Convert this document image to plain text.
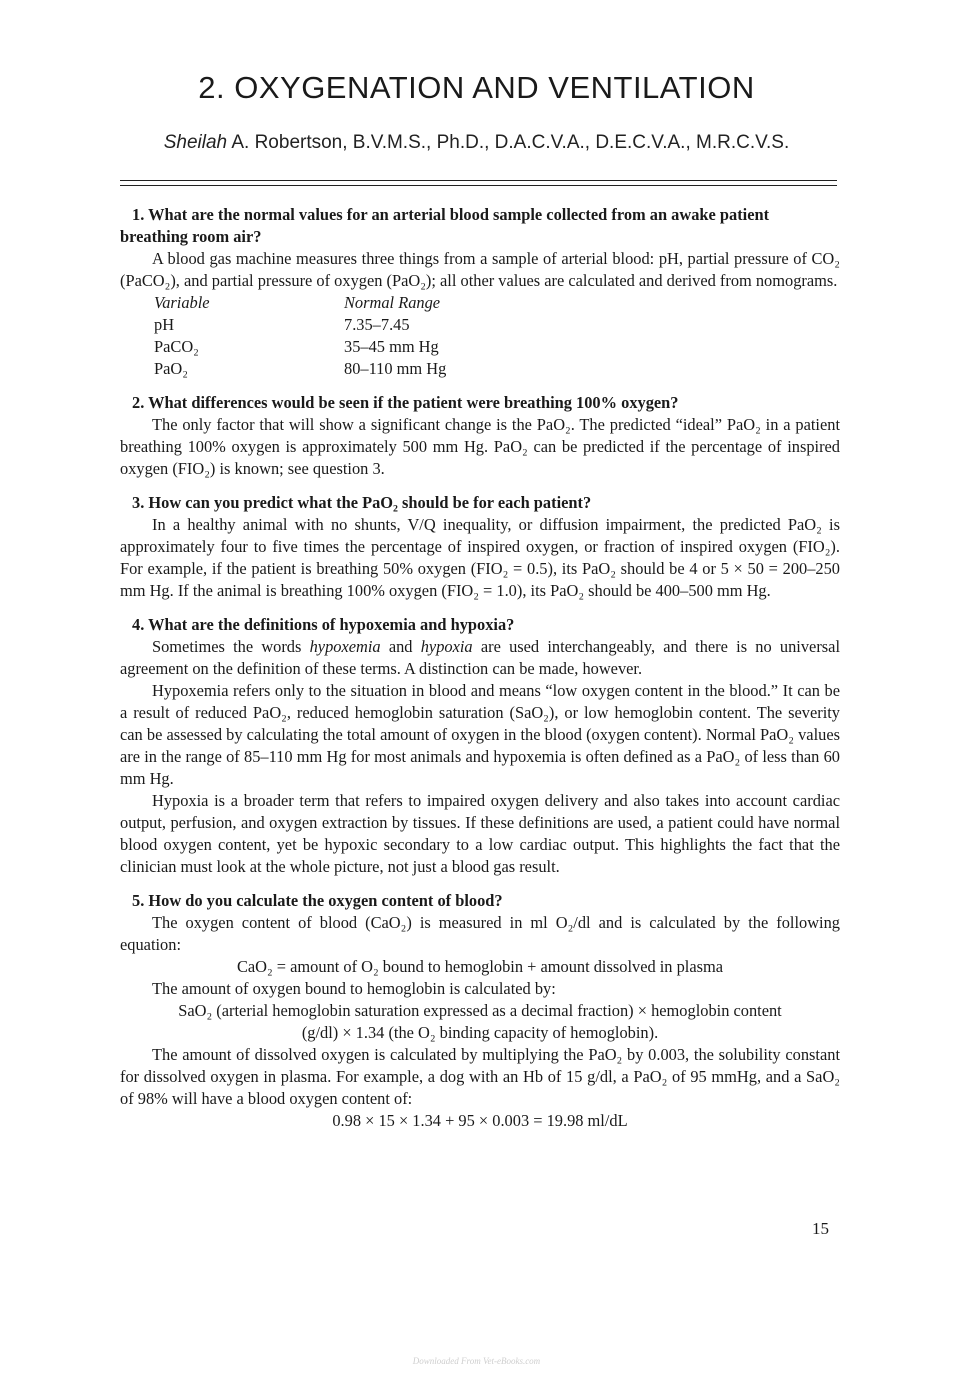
2. OXYGENATION AND VENTILATION
Sheilah A. Robertson, B.V.M.S., Ph.D., D.A.C.V.A., D.E.C.V.A., M.R.C.V.S.

1. What are the normal values for an arterial blood sample collected from an awake patient breathing room air?

A blood gas machine measures three things from a sample of arterial blood: pH, partial pressure of CO₂ (PaCO₂), and partial pressure of oxygen (PaO₂); all other values are calculated and derived from nomograms.

Variable	Normal Range
pH	7.35–7.45
PaCO₂	35–45 mm Hg
PaO₂	80–110 mm Hg

2. What differences would be seen if the patient were breathing 100% oxygen?

The only factor that will show a significant change is the PaO₂. The predicted “ideal” PaO₂ in a patient breathing 100% oxygen is approximately 500 mm Hg. PaO₂ can be predicted if the percentage of inspired oxygen (FIO₂) is known; see question 3.

3. How can you predict what the PaO₂ should be for each patient?

In a healthy animal with no shunts, V/Q inequality, or diffusion impairment, the predicted PaO₂ is approximately four to five times the percentage of inspired oxygen, or fraction of inspired oxygen (FIO₂). For example, if the patient is breathing 50% oxygen (FIO₂ = 0.5), its PaO₂ should be 4 or 5 × 50 = 200–250 mm Hg. If the animal is breathing 100% oxygen (FIO₂ = 1.0), its PaO₂ should be 400–500 mm Hg.

4. What are the definitions of hypoxemia and hypoxia?

Sometimes the words hypoxemia and hypoxia are used interchangeably, and there is no universal agreement on the definition of these terms. A distinction can be made, however.

Hypoxemia refers only to the situation in blood and means “low oxygen content in the blood.” It can be a result of reduced PaO₂, reduced hemoglobin saturation (SaO₂), or low hemoglobin content. The severity can be assessed by calculating the total amount of oxygen in the blood (oxygen content). Normal PaO₂ values are in the range of 85–110 mm Hg for most animals and hypoxemia is often defined as a PaO₂ of less than 60 mm Hg.

Hypoxia is a broader term that refers to impaired oxygen delivery and also takes into account cardiac output, perfusion, and oxygen extraction by tissues. If these definitions are used, a patient could have normal blood oxygen content, yet be hypoxic secondary to a low cardiac output. This highlights the fact that the clinician must look at the whole picture, not just a blood gas result.

5. How do you calculate the oxygen content of blood?

The oxygen content of blood (CaO₂) is measured in ml O₂/dl and is calculated by the following equation:

CaO₂ = amount of O₂ bound to hemoglobin + amount dissolved in plasma

The amount of oxygen bound to hemoglobin is calculated by:

SaO₂ (arterial hemoglobin saturation expressed as a decimal fraction) × hemoglobin content

(g/dl) × 1.34 (the O₂ binding capacity of hemoglobin).

The amount of dissolved oxygen is calculated by multiplying the PaO₂ by 0.003, the solubility constant for dissolved oxygen in plasma. For example, a dog with an Hb of 15 g/dl, a PaO₂ of 95 mmHg, and a SaO₂ of 98% will have a blood oxygen content of:

0.98 × 15 × 1.34 + 95 × 0.003 = 19.98 ml/dL

15
Downloaded From Vet-eBooks.com
